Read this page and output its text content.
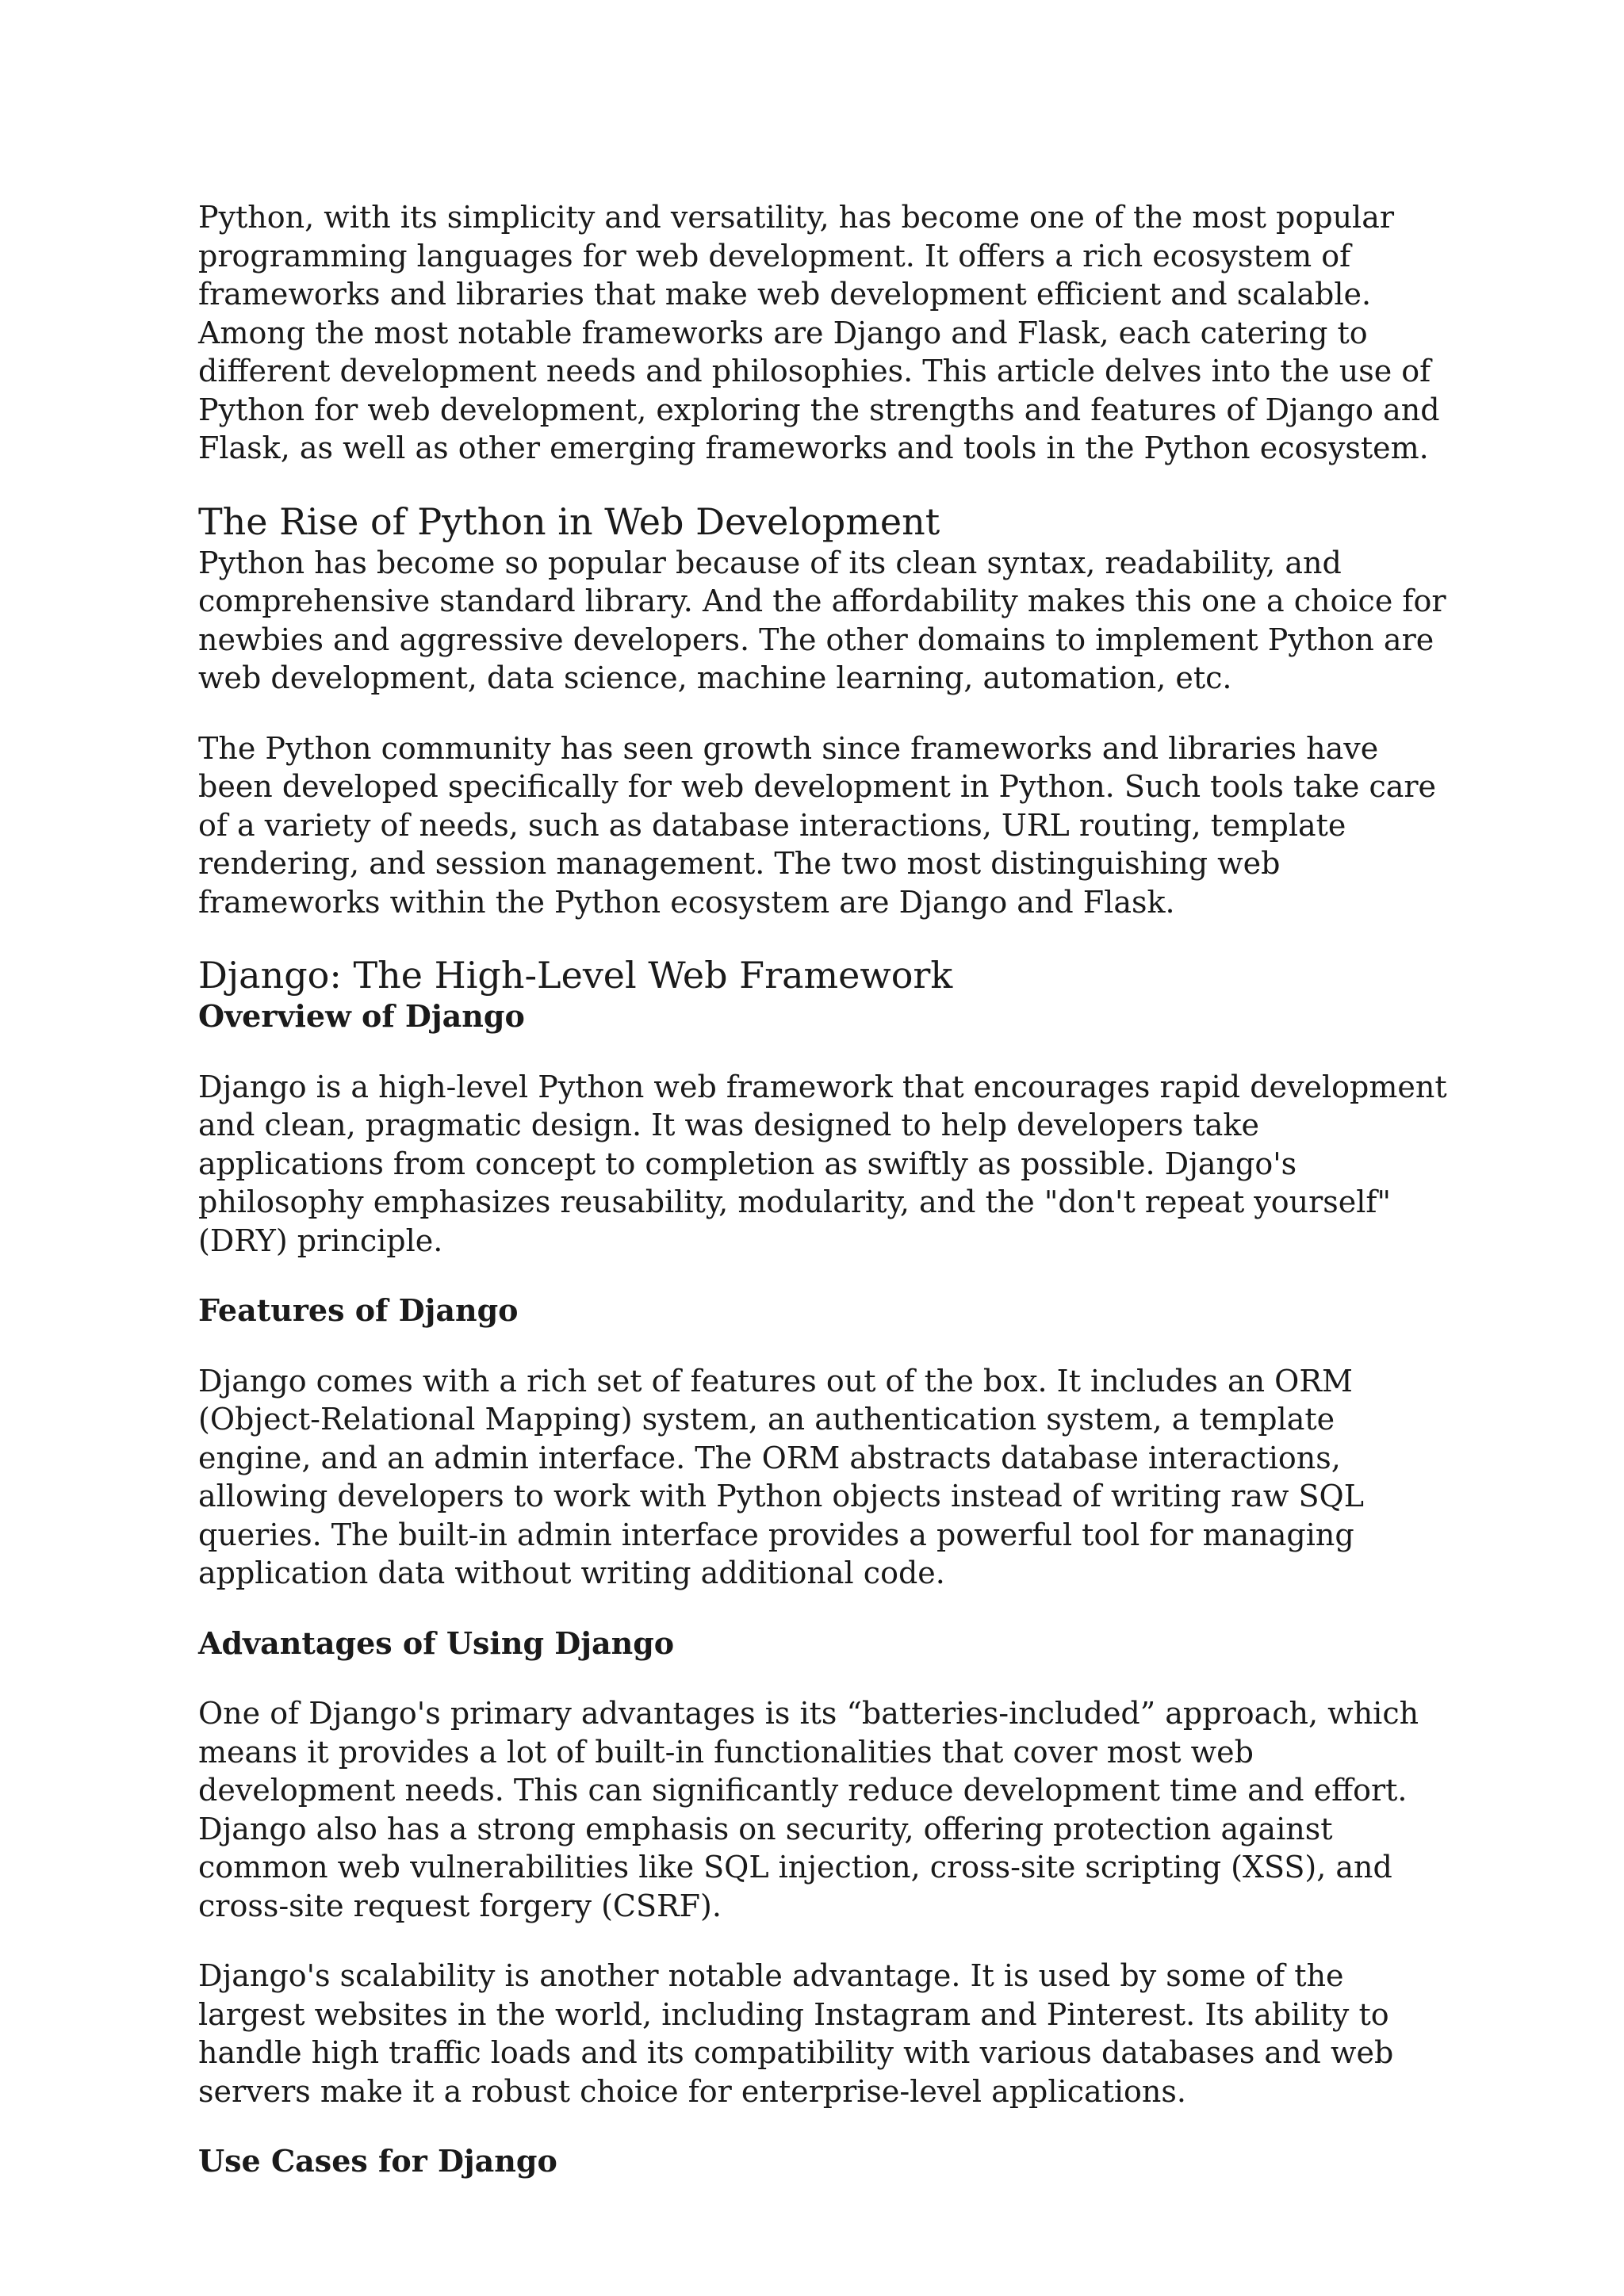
Python, with its simplicity and versatility, has become one of the most popular programming languages for web development. It offers a rich ecosystem of frameworks and libraries that make web development efficient and scalable. Among the most notable frameworks are Django and Flask, each catering to different development needs and philosophies. This article delves into the use of Python for web development, exploring the strengths and features of Django and Flask, as well as other emerging frameworks and tools in the Python ecosystem.

The Rise of Python in Web Development

Python has become so popular because of its clean syntax, readability, and comprehensive standard library. And the affordability makes this one a choice for newbies and aggressive developers. The other domains to implement Python are web development, data science, machine learning, automation, etc.

The Python community has seen growth since frameworks and libraries have been developed specifically for web development in Python. Such tools take care of a variety of needs, such as database interactions, URL routing, template rendering, and session management. The two most distinguishing web frameworks within the Python ecosystem are Django and Flask.

Django: The High-Level Web Framework
Overview of Django

Django is a high-level Python web framework that encourages rapid development and clean, pragmatic design. It was designed to help developers take applications from concept to completion as swiftly as possible. Django's philosophy emphasizes reusability, modularity, and the "don't repeat yourself" (DRY) principle.

Features of Django

Django comes with a rich set of features out of the box. It includes an ORM (Object-Relational Mapping) system, an authentication system, a template engine, and an admin interface. The ORM abstracts database interactions, allowing developers to work with Python objects instead of writing raw SQL queries. The built-in admin interface provides a powerful tool for managing application data without writing additional code.

Advantages of Using Django

One of Django's primary advantages is its “batteries-included” approach, which means it provides a lot of built-in functionalities that cover most web development needs. This can significantly reduce development time and effort. Django also has a strong emphasis on security, offering protection against common web vulnerabilities like SQL injection, cross-site scripting (XSS), and cross-site request forgery (CSRF).

Django's scalability is another notable advantage. It is used by some of the largest websites in the world, including Instagram and Pinterest. Its ability to handle high traffic loads and its compatibility with various databases and web servers make it a robust choice for enterprise-level applications.

Use Cases for Django
